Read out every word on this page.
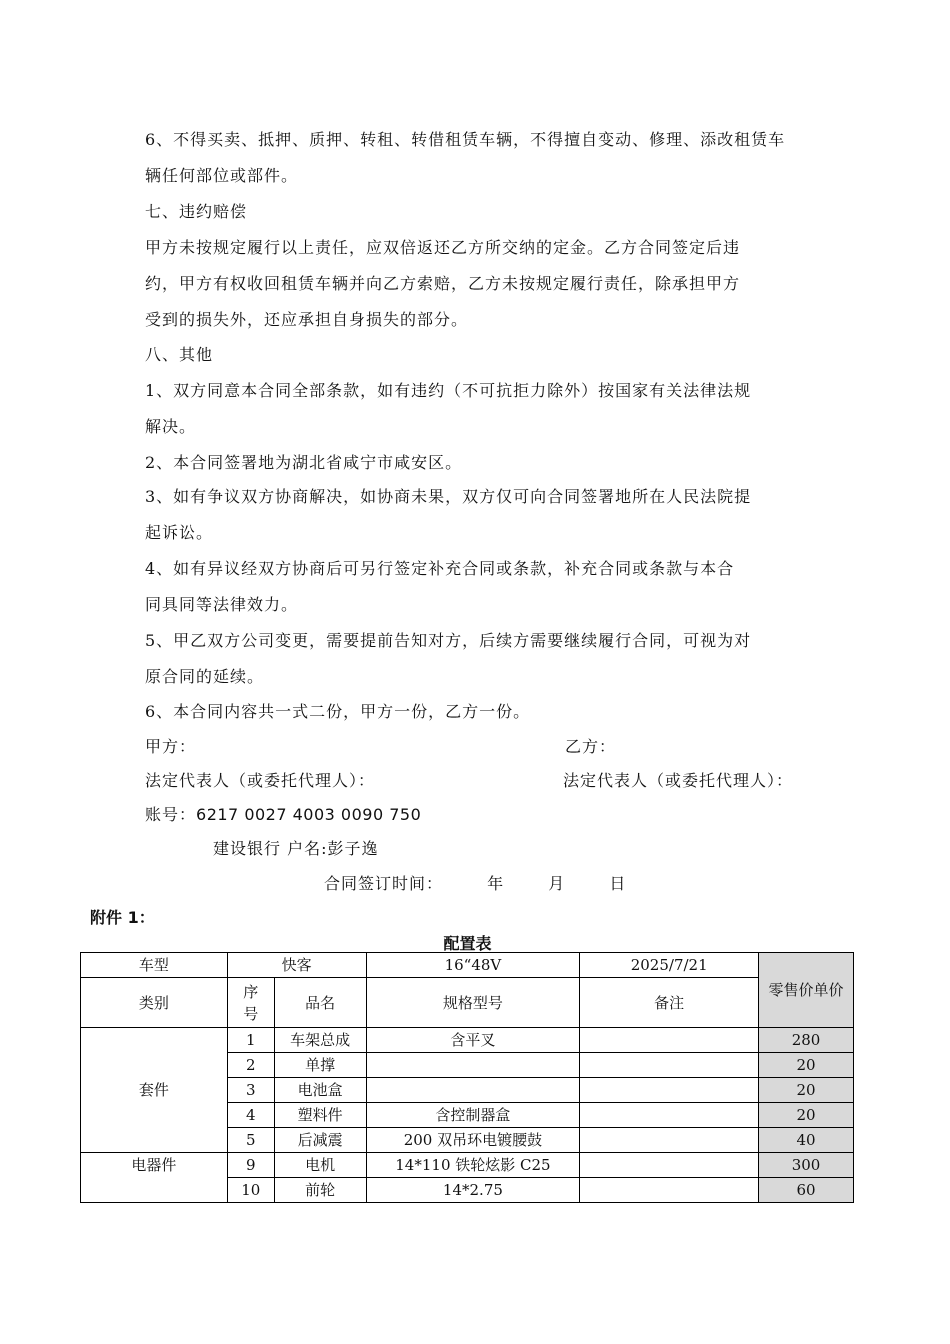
6、不得买卖、抵押、质押、转租、转借租赁车辆，不得擅自变动、修理、添改租赁车
辆任何部位或部件。
七、违约赔偿
甲方未按规定履行以上责任，应双倍返还乙方所交纳的定金。乙方合同签定后违
约，甲方有权收回租赁车辆并向乙方索赔，乙方未按规定履行责任，除承担甲方
受到的损失外，还应承担自身损失的部分。
八、其他
1、双方同意本合同全部条款，如有违约（不可抗拒力除外）按国家有关法律法规
解决。
2、本合同签署地为湖北省咸宁市咸安区。
3、如有争议双方协商解决，如协商未果，双方仅可向合同签署地所在人民法院提
起诉讼。
4、如有异议经双方协商后可另行签定补充合同或条款，补充合同或条款与本合
同具同等法律效力。
5、甲乙双方公司变更，需要提前告知对方，后续方需要继续履行合同，可视为对
原合同的延续。
6、本合同内容共一式二份，甲方一份，乙方一份。
甲方：	乙方：
法定代表人（或委托代理人）：	法定代表人（或委托代理人）：
账号：6217 0027 4003 0090 750
建设银行 户名:彭子逸
合同签订时间：	年	月	日
附件 1：
配置表
车型	快客		16“48V	2025/7/21	零售价单价
类别	序号	品名	规格型号	备注	
套件	1	车架总成	含平叉		280
	2	单撑			20
	3	电池盒			20
	4	塑料件	含控制器盒		20
	5	后减震	200 双吊环电镀腰鼓		40
电器件	9	电机	14*110 铁轮炫影 C25		300
	10	前轮	14*2.75		60
